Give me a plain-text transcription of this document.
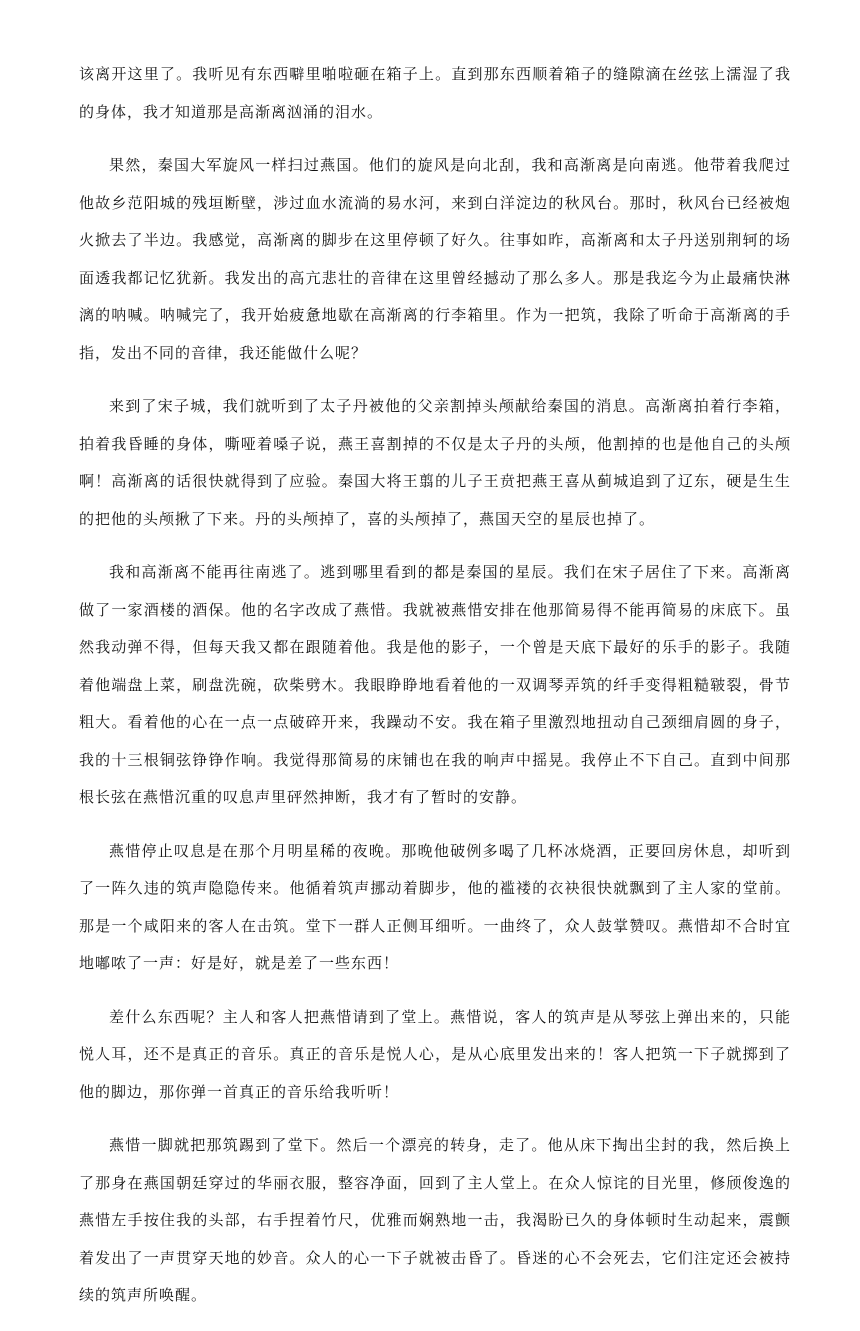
该离开这里了。我听见有东西噼里啪啦砸在箱子上。直到那东西顺着箱子的缝隙滴在丝弦上濡湿了我的身体，我才知道那是高渐离汹涌的泪水。

果然，秦国大军旋风一样扫过燕国。他们的旋风是向北刮，我和高渐离是向南逃。他带着我爬过他故乡范阳城的残垣断壁，涉过血水流淌的易水河，来到白洋淀边的秋风台。那时，秋风台已经被炮火掀去了半边。我感觉，高渐离的脚步在这里停顿了好久。往事如昨，高渐离和太子丹送别荆轲的场面透我都记忆犹新。我发出的高亢悲壮的音律在这里曾经撼动了那么多人。那是我迄今为止最痛快淋漓的呐喊。呐喊完了，我开始疲惫地歇在高渐离的行李箱里。作为一把筑，我除了听命于高渐离的手指，发出不同的音律，我还能做什么呢？

来到了宋子城，我们就听到了太子丹被他的父亲割掉头颅献给秦国的消息。高渐离拍着行李箱，拍着我昏睡的身体，嘶哑着嗓子说，燕王喜割掉的不仅是太子丹的头颅，他割掉的也是他自己的头颅啊！高渐离的话很快就得到了应验。秦国大将王翦的儿子王贲把燕王喜从蓟城追到了辽东，硬是生生的把他的头颅揪了下来。丹的头颅掉了，喜的头颅掉了，燕国天空的星辰也掉了。

我和高渐离不能再往南逃了。逃到哪里看到的都是秦国的星辰。我们在宋子居住了下来。高渐离做了一家酒楼的酒保。他的名字改成了燕惜。我就被燕惜安排在他那简易得不能再简易的床底下。虽然我动弹不得，但每天我又都在跟随着他。我是他的影子，一个曾是天底下最好的乐手的影子。我随着他端盘上菜，刷盘洗碗，砍柴劈木。我眼睁睁地看着他的一双调琴弄筑的纤手变得粗糙皲裂，骨节粗大。看着他的心在一点一点破碎开来，我躁动不安。我在箱子里激烈地扭动自己颈细肩圆的身子，我的十三根铜弦铮铮作响。我觉得那简易的床铺也在我的响声中摇晃。我停止不下自己。直到中间那根长弦在燕惜沉重的叹息声里砰然抻断，我才有了暂时的安静。

燕惜停止叹息是在那个月明星稀的夜晚。那晚他破例多喝了几杯冰烧酒，正要回房休息，却听到了一阵久违的筑声隐隐传来。他循着筑声挪动着脚步，他的褴褛的衣袂很快就飘到了主人家的堂前。那是一个咸阳来的客人在击筑。堂下一群人正侧耳细听。一曲终了，众人鼓掌赞叹。燕惜却不合时宜地嘟哝了一声：好是好，就是差了一些东西！

差什么东西呢？主人和客人把燕惜请到了堂上。燕惜说，客人的筑声是从琴弦上弹出来的，只能悦人耳，还不是真正的音乐。真正的音乐是悦人心，是从心底里发出来的！客人把筑一下子就掷到了他的脚边，那你弹一首真正的音乐给我听听！

燕惜一脚就把那筑踢到了堂下。然后一个漂亮的转身，走了。他从床下掏出尘封的我，然后换上了那身在燕国朝廷穿过的华丽衣服，整容净面，回到了主人堂上。在众人惊诧的目光里，修颀俊逸的燕惜左手按住我的头部，右手捏着竹尺，优雅而娴熟地一击，我渴盼已久的身体顿时生动起来，震颤着发出了一声贯穿天地的妙音。众人的心一下子就被击昏了。昏迷的心不会死去，它们注定还会被持续的筑声所唤醒。
